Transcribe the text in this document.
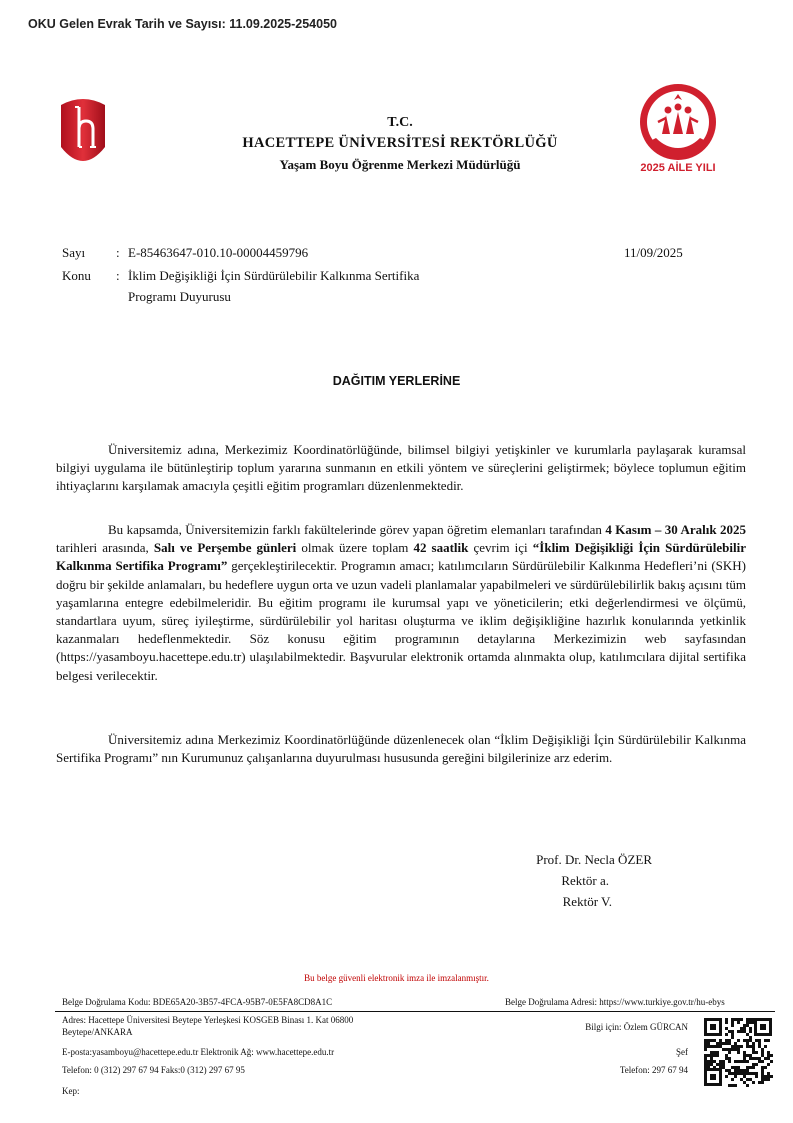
OKU Gelen Evrak Tarih ve Sayısı: 11.09.2025-254050
2025 AİLE YILI
T.C.
HACETTEPE ÜNİVERSİTESİ REKTÖRLÜĞÜ
Yaşam Boyu Öğrenme Merkezi Müdürlüğü
Sayı	: E-85463647-010.10-00004459796	11/09/2025
Konu	: İklim Değişikliği İçin Sürdürülebilir Kalkınma Sertifika
Programı Duyurusu
DAĞITIM YERLERİNE

Üniversitemiz adına, Merkezimiz Koordinatörlüğünde, bilimsel bilgiyi yetişkinler ve kurumlarla paylaşarak kuramsal bilgiyi uygulama ile bütünleştirip toplum yararına sunmanın en etkili yöntem ve süreçlerini geliştirmek; böylece toplumun eğitim ihtiyaçlarını karşılamak amacıyla çeşitli eğitim programları düzenlenmektedir.

Bu kapsamda, Üniversitemizin farklı fakültelerinde görev yapan öğretim elemanları tarafından 4 Kasım – 30 Aralık 2025 tarihleri arasında, Salı ve Perşembe günleri olmak üzere toplam 42 saatlik çevrim içi “İklim Değişikliği İçin Sürdürülebilir Kalkınma Sertifika Programı” gerçekleştirilecektir. Programın amacı; katılımcıların Sürdürülebilir Kalkınma Hedefleri’ni (SKH) doğru bir şekilde anlamaları, bu hedeflere uygun orta ve uzun vadeli planlamalar yapabilmeleri ve sürdürülebilirlik bakış açısını tüm yaşamlarına entegre edebilmeleridir. Bu eğitim programı ile kurumsal yapı ve yöneticilerin; etki değerlendirmesi ve ölçümü, standartlara uyum, süreç iyileştirme, sürdürülebilir yol haritası oluşturma ve iklim değişikliğine hazırlık konularında yetkinlik kazanmaları hedeflenmektedir. Söz konusu eğitim programının detaylarına Merkezimizin web sayfasından (https://yasamboyu.hacettepe.edu.tr) ulaşılabilmektedir. Başvurular elektronik ortamda alınmakta olup, katılımcılara dijital sertifika belgesi verilecektir.

Üniversitemiz adına Merkezimiz Koordinatörlüğünde düzenlenecek olan “İklim Değişikliği İçin Sürdürülebilir Kalkınma Sertifika Programı” nın Kurumunuz çalışanlarına duyurulması hususunda gereğini bilgilerinize arz ederim.

Prof. Dr. Necla ÖZER
Rektör a.
Rektör V.
Bu belge güvenli elektronik imza ile imzalanmıştır.
Belge Doğrulama Kodu: BDE65A20-3B57-4FCA-95B7-0E5FA8CD8A1C	Belge Doğrulama Adresi: https://www.turkiye.gov.tr/hu-ebys
Adres: Hacettepe Üniversitesi Beytepe Yerleşkesi KOSGEB Binası 1. Kat 06800 Beytepe/ANKARA
E-posta:yasamboyu@hacettepe.edu.tr Elektronik Ağ: www.hacettepe.edu.tr
Telefon: 0 (312) 297 67 94 Faks:0 (312) 297 67 95
Kep:
Bilgi için: Özlem GÜRCAN
Şef
Telefon: 297 67 94
